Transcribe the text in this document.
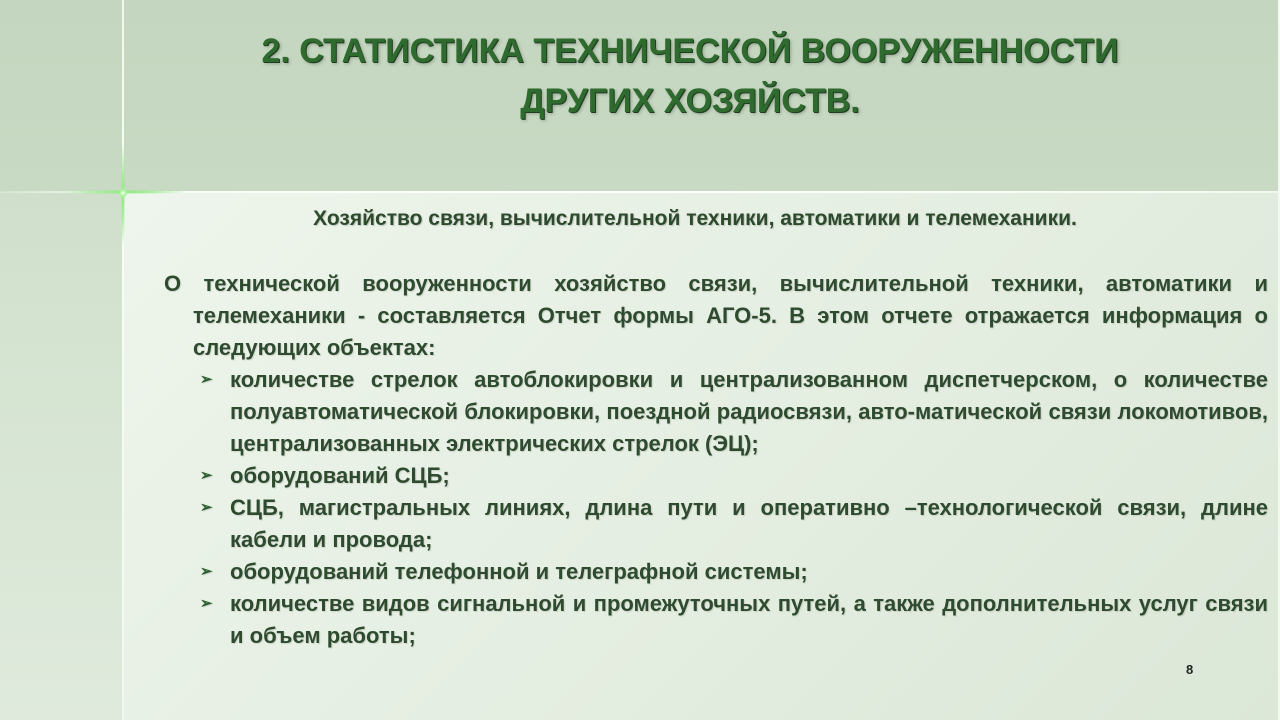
2. СТАТИСТИКА ТЕХНИЧЕСКОЙ ВООРУЖЕННОСТИ
ДРУГИХ ХОЗЯЙСТВ.

Хозяйство связи, вычислительной техники, автоматики и телемеханики.

О технической вооруженности хозяйство связи, вычислительной техники, автоматики и телемеханики - составляется Отчет формы АГО-5. В этом отчете отражается информация о следующих объектах:

➢ количестве стрелок автоблокировки и централизованном диспетчерском, о количестве полуавтоматической блокировки, поездной радиосвязи, авто-матической связи локомотивов, централизованных электрических стрелок (ЭЦ);
➢ оборудований СЦБ;
➢ СЦБ, магистральных линиях, длина пути и оперативно –технологической связи, длине кабели и провода;
➢ оборудований телефонной и телеграфной системы;
➢ количестве видов сигнальной и промежуточных путей, а также дополнительных услуг связи и объем работы;
8
